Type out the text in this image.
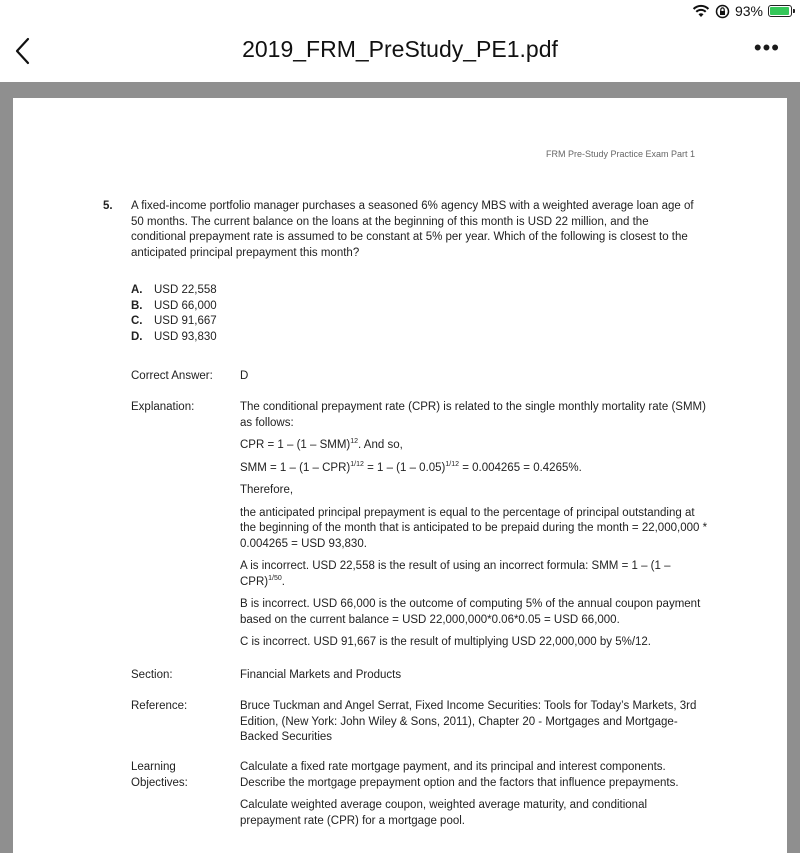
93%
2019_FRM_PreStudy_PE1.pdf	•••
FRM Pre-Study Practice Exam Part 1
5. A fixed-income portfolio manager purchases a seasoned 6% agency MBS with a weighted average loan age of 50 months. The current balance on the loans at the beginning of this month is USD 22 million, and the conditional prepayment rate is assumed to be constant at 5% per year. Which of the following is closest to the anticipated principal prepayment this month?
A.	USD 22,558
B.	USD 66,000
C.	USD 91,667
D.	USD 93,830
Correct Answer: D
Explanation:	The conditional prepayment rate (CPR) is related to the single monthly mortality rate (SMM) as follows:

CPR = 1 – (1 – SMM)$^{12}$. And so,

SMM = 1 – (1 – CPR)$^{1/12}$ = 1 – (1 – 0.05)$^{1/12}$ = 0.004265 = 0.4265%.

Therefore,

the anticipated principal prepayment is equal to the percentage of principal outstanding at the beginning of the month that is anticipated to be prepaid during the month = 22,000,000 * 0.004265 = USD 93,830.

A is incorrect. USD 22,558 is the result of using an incorrect formula: SMM = 1 – (1 – CPR)$^{1/50}$.

B is incorrect. USD 66,000 is the outcome of computing 5% of the annual coupon payment based on the current balance = USD 22,000,000*0.06*0.05 = USD 66,000.

C is incorrect. USD 91,667 is the result of multiplying USD 22,000,000 by 5%/12.

Section:	Financial Markets and Products
Reference:	Bruce Tuckman and Angel Serrat, Fixed Income Securities: Tools for Today’s Markets, 3rd Edition, (New York: John Wiley & Sons, 2011), Chapter 20 - Mortgages and Mortgage-Backed Securities
Learning
Objectives:

Calculate a fixed rate mortgage payment, and its principal and interest components. Describe the mortgage prepayment option and the factors that influence prepayments.

Calculate weighted average coupon, weighted average maturity, and conditional prepayment rate (CPR) for a mortgage pool.
